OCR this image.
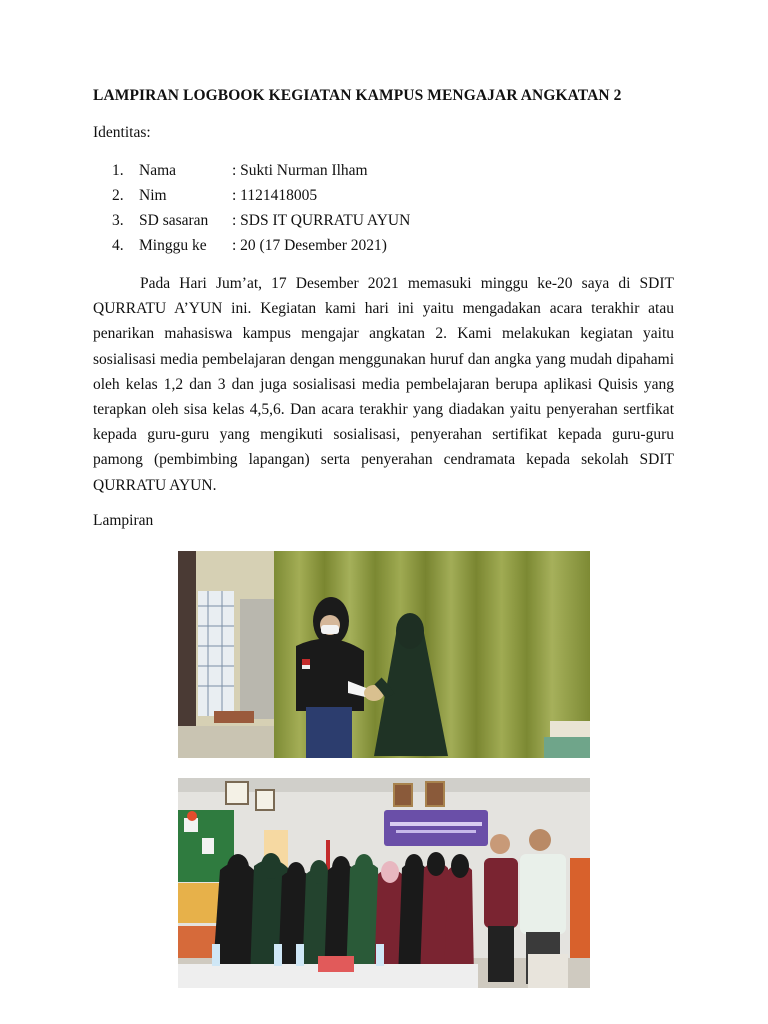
LAMPIRAN LOGBOOK KEGIATAN KAMPUS MENGAJAR ANGKATAN 2
Identitas:
1. Nama	: Sukti Nurman Ilham
2. Nim	: 1121418005
3. SD sasaran	: SDS IT QURRATU AYUN
4. Minggu ke	: 20 (17 Desember 2021)

Pada Hari Jum’at, 17 Desember 2021 memasuki minggu ke-20 saya di SDIT QURRATU A’YUN ini. Kegiatan kami hari ini yaitu mengadakan acara terakhir atau penarikan mahasiswa kampus mengajar angkatan 2. Kami melakukan kegiatan yaitu sosialisasi media pembelajaran dengan menggunakan huruf dan angka yang mudah dipahami oleh kelas 1,2 dan 3 dan juga sosialisasi media pembelajaran berupa aplikasi Quisis yang terapkan oleh sisa kelas 4,5,6. Dan acara terakhir yang diadakan yaitu penyerahan sertfikat kepada guru-guru yang mengikuti sosialisasi, penyerahan sertifikat kepada guru-guru pamong (pembimbing lapangan) serta penyerahan cendramata kepada sekolah SDIT QURRATU AYUN.

Lampiran
